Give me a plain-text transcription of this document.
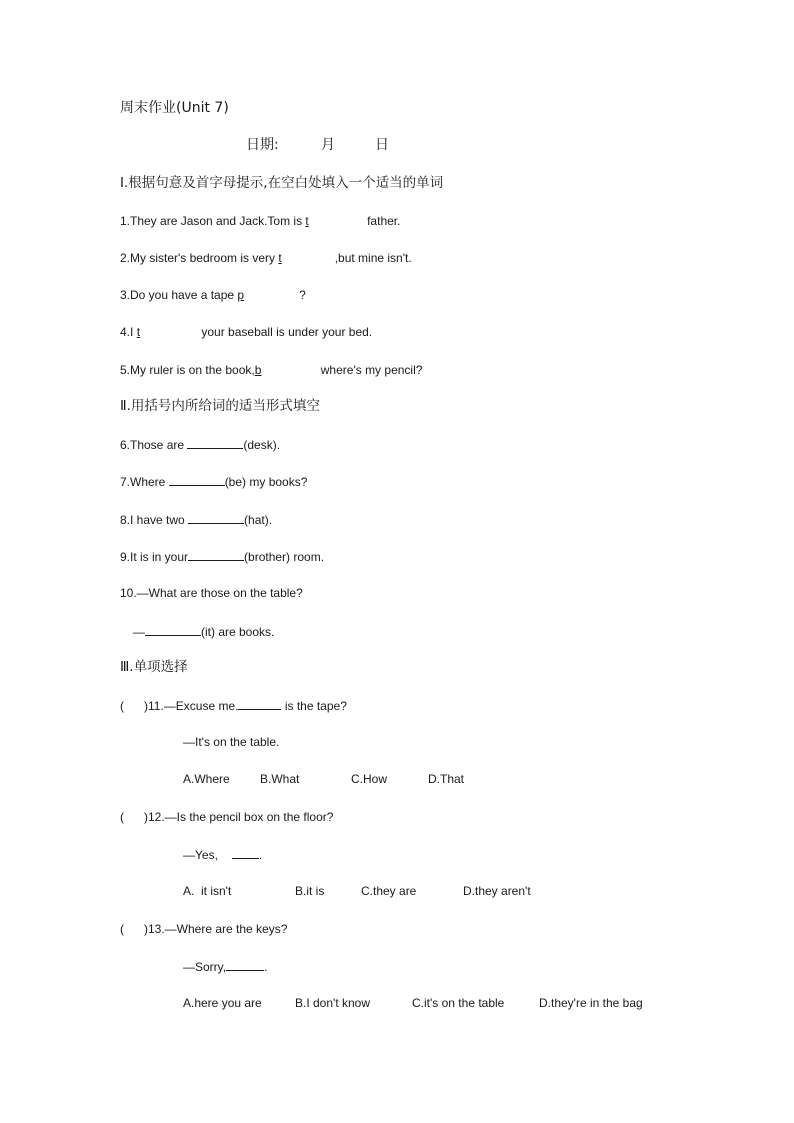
周末作业(Unit 7)
日期:	月	日
Ⅰ.根据句意及首字母提示,在空白处填入一个适当的单词
1.They are Jason and Jack.Tom is t	father.
2.My sister's bedroom is very t	,but mine isn't.
3.Do you have a tape p	?
4.I t	your baseball is under your bed.
5.My ruler is on the book,b	where's my pencil?
Ⅱ.用括号内所给词的适当形式填空
6.Those are	(desk).
7.Where	(be) my books?
8.I have two	(hat).
9.It is in your	(brother) room.
10.—What are those on the table?
—	(it) are books.
Ⅲ.单项选择
( )11.—Excuse me.	is the tape?
—It's on the table.
A.Where	B.What	C.How	D.That
( )12.—Is the pencil box on the floor?
—Yes,	.
A.  it isn't	B.it is	C.they are	D.they aren't
( )13.—Where are the keys?
—Sorry,	.
A.here you are	B.I don't know	C.it's on the table	D.they're in the bag
